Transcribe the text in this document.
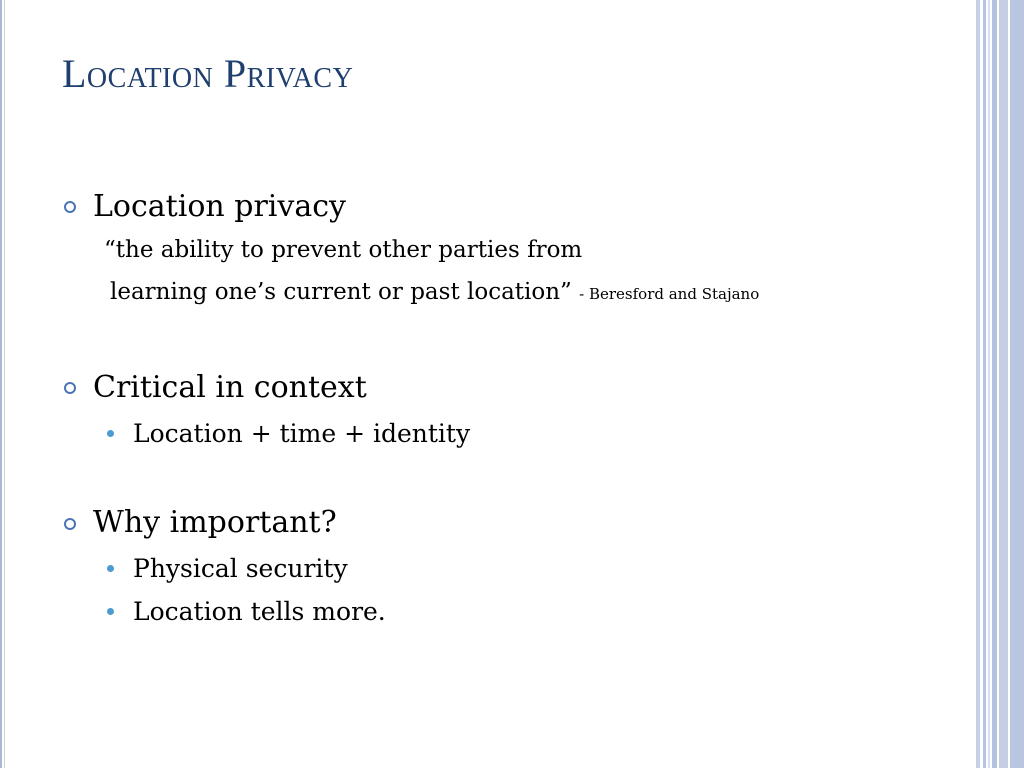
Location Privacy
Location privacy
“the ability to prevent other parties from
learning one’s current or past location” - Beresford and Stajano
Critical in context
Location + time + identity
Why important?
Physical security
Location tells more.
